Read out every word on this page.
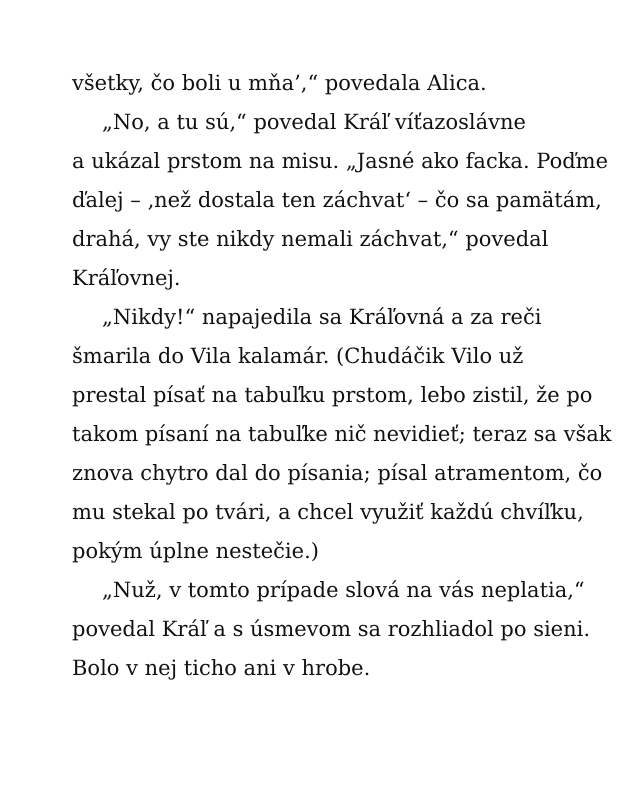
všetky, čo boli u mňa’,“ povedala Alica.
„No, a tu sú,“ povedal Kráľ víťazoslávne
a ukázal prstom na misu. „Jasné ako facka. Poďme
ďalej – ‚než dostala ten záchvat‘ – čo sa pamätám,
drahá, vy ste nikdy nemali záchvat,“ povedal
Kráľovnej.
„Nikdy!“ napajedila sa Kráľovná a za reči
šmarila do Vila kalamár. (Chudáčik Vilo už
prestal písať na tabuľku prstom, lebo zistil, že po
takom písaní na tabuľke nič nevidieť; teraz sa však
znova chytro dal do písania; písal atramentom, čo
mu stekal po tvári, a chcel využiť každú chvíľku,
pokým úplne nestečie.)
„Nuž, v tomto prípade slová na vás neplatia,“
povedal Kráľ a s úsmevom sa rozhliadol po sieni.
Bolo v nej ticho ani v hrobe.
